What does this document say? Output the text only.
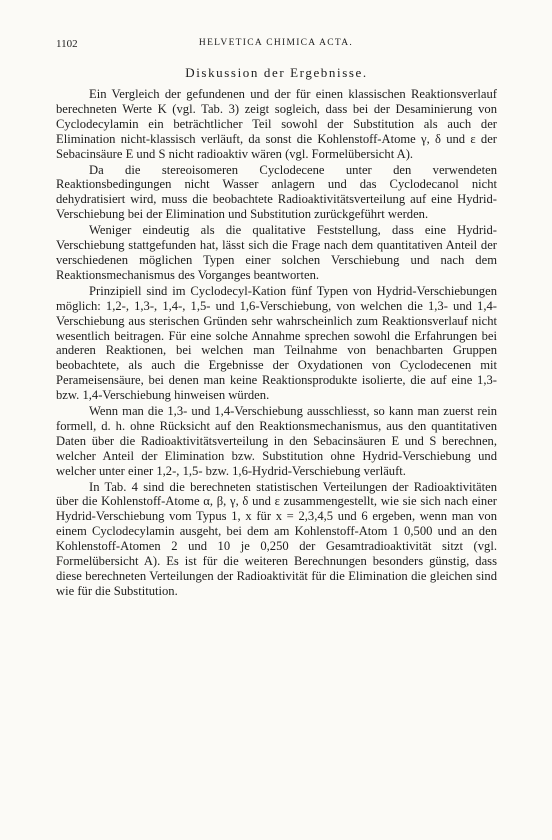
1102	HELVETICA CHIMICA ACTA.
Diskussion der Ergebnisse.

Ein Vergleich der gefundenen und der für einen klassischen Reaktionsverlauf berechneten Werte K (vgl. Tab. 3) zeigt sogleich, dass bei der Desaminierung von Cyclodecylamin ein beträchtlicher Teil sowohl der Substitution als auch der Elimination nicht-klassisch verläuft, da sonst die Kohlenstoff-Atome γ, δ und ε der Sebacinsäure E und S nicht radioaktiv wären (vgl. Formelübersicht A).

Da die stereoisomeren Cyclodecene unter den verwendeten Reaktionsbedingungen nicht Wasser anlagern und das Cyclodecanol nicht dehydratisiert wird, muss die beobachtete Radioaktivitätsverteilung auf eine Hydrid-Verschiebung bei der Elimination und Substitution zurückgeführt werden.

Weniger eindeutig als die qualitative Feststellung, dass eine Hydrid-Verschiebung stattgefunden hat, lässt sich die Frage nach dem quantitativen Anteil der verschiedenen möglichen Typen einer solchen Verschiebung und nach dem Reaktionsmechanismus des Vorganges beantworten.

Prinzipiell sind im Cyclodecyl-Kation fünf Typen von Hydrid-Verschiebungen möglich: 1,2-, 1,3-, 1,4-, 1,5- und 1,6-Verschiebung, von welchen die 1,3- und 1,4-Verschiebung aus sterischen Gründen sehr wahrscheinlich zum Reaktionsverlauf nicht wesentlich beitragen. Für eine solche Annahme sprechen sowohl die Erfahrungen bei anderen Reaktionen, bei welchen man Teilnahme von benachbarten Gruppen beobachtete, als auch die Ergebnisse der Oxydationen von Cyclodecenen mit Perameisensäure, bei denen man keine Reaktionsprodukte isolierte, die auf eine 1,3- bzw. 1,4-Verschiebung hinweisen würden.

Wenn man die 1,3- und 1,4-Verschiebung ausschliesst, so kann man zuerst rein formell, d. h. ohne Rücksicht auf den Reaktionsmechanismus, aus den quantitativen Daten über die Radioaktivitätsverteilung in den Sebacinsäuren E und S berechnen, welcher Anteil der Elimination bzw. Substitution ohne Hydrid-Verschiebung und welcher unter einer 1,2-, 1,5- bzw. 1,6-Hydrid-Verschiebung verläuft.

In Tab. 4 sind die berechneten statistischen Verteilungen der Radioaktivitäten über die Kohlenstoff-Atome α, β, γ, δ und ε zusammengestellt, wie sie sich nach einer Hydrid-Verschiebung vom Typus 1, x für x = 2,3,4,5 und 6 ergeben, wenn man von einem Cyclodecylamin ausgeht, bei dem am Kohlenstoff-Atom 1 0,500 und an den Kohlenstoff-Atomen 2 und 10 je 0,250 der Gesamtradioaktivität sitzt (vgl. Formelübersicht A). Es ist für die weiteren Berechnungen besonders günstig, dass diese berechneten Verteilungen der Radioaktivität für die Elimination die gleichen sind wie für die Substitution.
